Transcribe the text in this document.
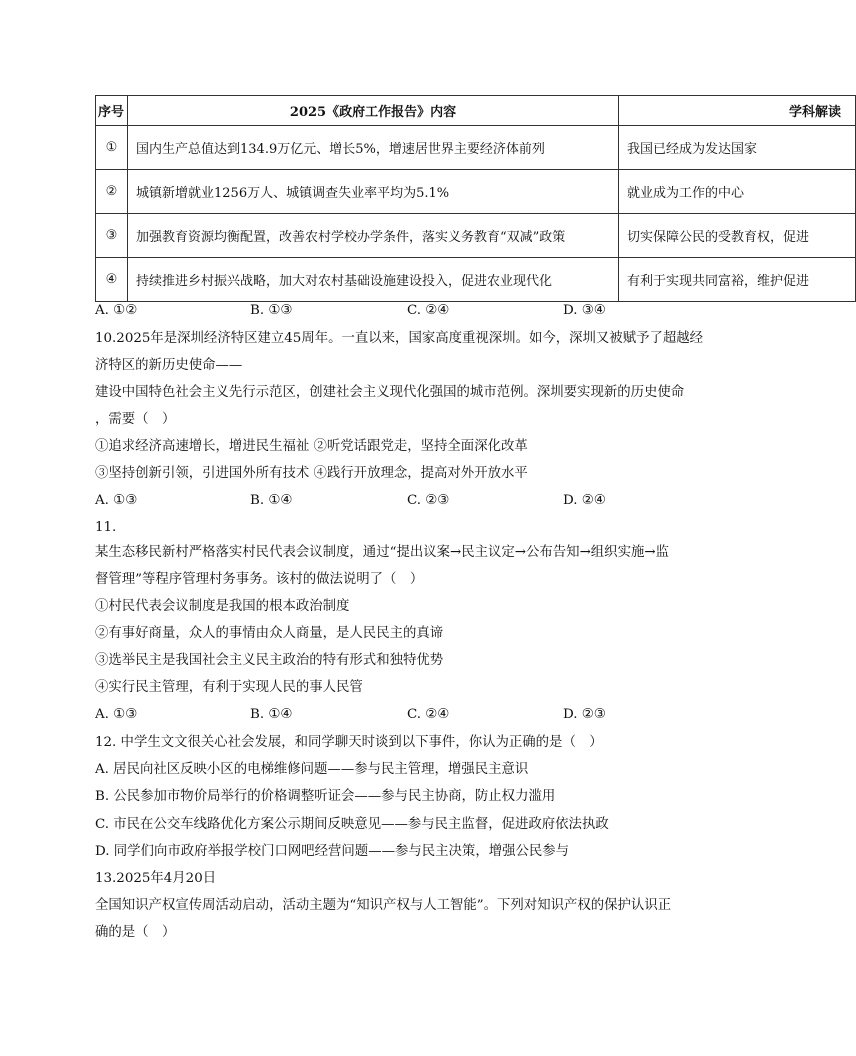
序号	2025《政府工作报告》内容	学科解读
①	国内生产总值达到134.9万亿元、增长5%，增速居世界主要经济体前列	我国已经成为发达国家
②	城镇新增就业1256万人、城镇调查失业率平均为5.1%	就业成为工作的中心
③	加强教育资源均衡配置，改善农村学校办学条件，落实义务教育“双减”政策	切实保障公民的受教育权，促进
④	持续推进乡村振兴战略，加大对农村基础设施建设投入，促进农业现代化	有利于实现共同富裕，维护促进
A. ①②	B. ①③	C. ②④	D. ③④
10.2025年是深圳经济特区建立45周年。一直以来，国家高度重视深圳。如今，深圳又被赋予了超越经
济特区的新历史使命——
建设中国特色社会主义先行示范区，创建社会主义现代化强国的城市范例。深圳要实现新的历史使命
，需要（　）
①追求经济高速增长，增进民生福祉 ②听党话跟党走，坚持全面深化改革
③坚持创新引领，引进国外所有技术 ④践行开放理念，提高对外开放水平
A. ①③	B. ①④	C. ②③	D. ②④
11.
某生态移民新村严格落实村民代表会议制度，通过“提出议案→民主议定→公布告知→组织实施→监
督管理”等程序管理村务事务。该村的做法说明了（　）
①村民代表会议制度是我国的根本政治制度
②有事好商量，众人的事情由众人商量，是人民民主的真谛
③选举民主是我国社会主义民主政治的特有形式和独特优势
④实行民主管理，有利于实现人民的事人民管
A. ①③	B. ①④	C. ②④	D. ②③
12. 中学生文文很关心社会发展，和同学聊天时谈到以下事件，你认为正确的是（　）
A. 居民向社区反映小区的电梯维修问题——参与民主管理，增强民主意识
B. 公民参加市物价局举行的价格调整听证会——参与民主协商，防止权力滥用
C. 市民在公交车线路优化方案公示期间反映意见——参与民主监督，促进政府依法执政
D. 同学们向市政府举报学校门口网吧经营问题——参与民主决策，增强公民参与
13.2025年4月20日
全国知识产权宣传周活动启动，活动主题为“知识产权与人工智能”。下列对知识产权的保护认识正
确的是（　）
